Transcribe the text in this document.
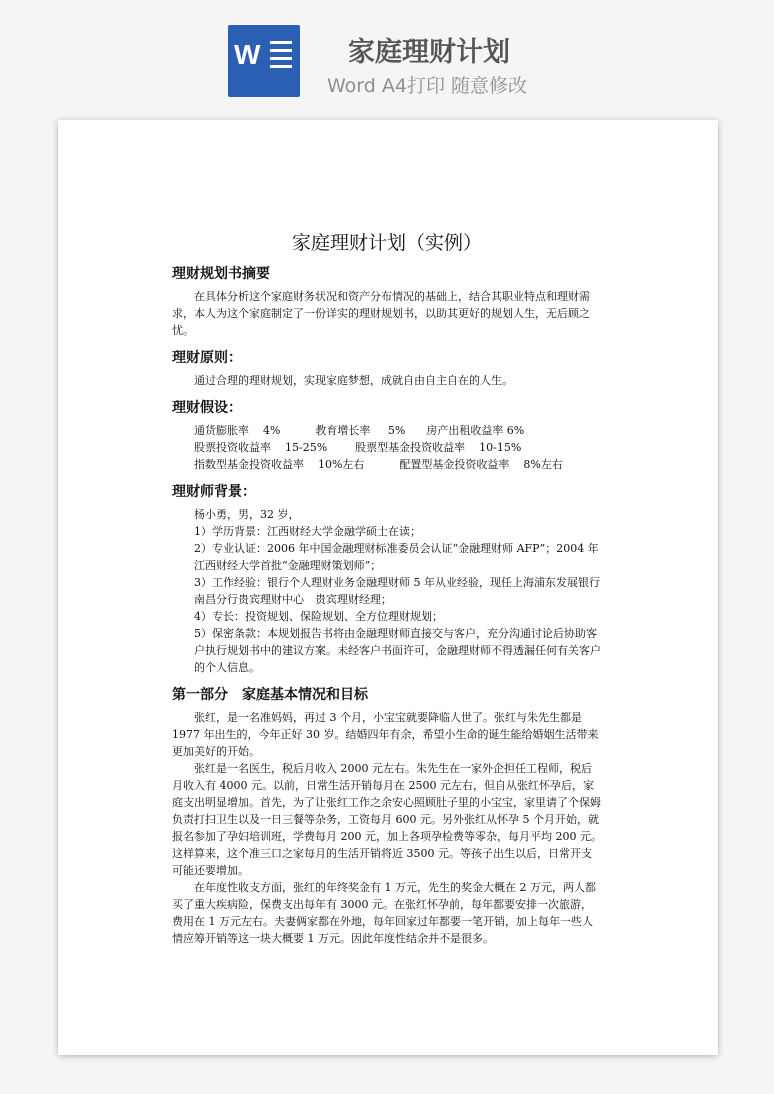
W	家庭理财计划
Word A4打印 随意修改
家庭理财计划（实例）
理财规划书摘要

在具体分析这个家庭财务状况和资产分布情况的基础上，结合其职业特点和理财需求，本人为这个家庭制定了一份详实的理财规划书，以助其更好的规划人生，无后顾之忧。

理财原则：

通过合理的理财规划，实现家庭梦想，成就自由自主自在的人生。

理财假设：
通货膨胀率    4%          教育增长率     5%      房产出租收益率 6%
股票投资收益率    15-25%        股票型基金投资收益率    10-15%
指数型基金投资收益率    10%左右          配置型基金投资收益率    8%左右
理财师背景：

杨小勇，男，32 岁，

1）学历背景：江西财经大学金融学硕士在读；

2）专业认证：2006 年中国金融理财标准委员会认证“金融理财师 AFP”；2004 年江西财经大学首批“金融理财策划师”；

3）工作经验：银行个人理财业务金融理财师 5 年从业经验，现任上海浦东发展银行南昌分行贵宾理财中心　贵宾理财经理；

4）专长：投资规划、保险规划、全方位理财规划；

5）保密条款：本规划报告书将由金融理财师直接交与客户，充分沟通讨论后协助客户执行规划书中的建议方案。未经客户书面许可，金融理财师不得透漏任何有关客户的个人信息。

第一部分　家庭基本情况和目标

张红，是一名准妈妈，再过 3 个月，小宝宝就要降临人世了。张红与朱先生都是 1977 年出生的，今年正好 30 岁。结婚四年有余，希望小生命的诞生能给婚姻生活带来更加美好的开始。

张红是一名医生，税后月收入 2000 元左右。朱先生在一家外企担任工程师，税后月收入有 4000 元。以前，日常生活开销每月在 2500 元左右，但自从张红怀孕后，家庭支出明显增加。首先，为了让张红工作之余安心照顾肚子里的小宝宝，家里请了个保姆负责打扫卫生以及一日三餐等杂务，工资每月 600 元。另外张红从怀孕 5 个月开始，就报名参加了孕妇培训班，学费每月 200 元，加上各项孕检费等零杂，每月平均 200 元。这样算来，这个准三口之家每月的生活开销将近 3500 元。等孩子出生以后，日常开支可能还要增加。

在年度性收支方面，张红的年终奖金有 1 万元，先生的奖金大概在 2 万元，两人都买了重大疾病险，保费支出每年有 3000 元。在张红怀孕前，每年都要安排一次旅游，费用在 1 万元左右。夫妻俩家都在外地，每年回家过年都要一笔开销，加上每年一些人情应筹开销等这一块大概要 1 万元。因此年度性结余并不是很多。
